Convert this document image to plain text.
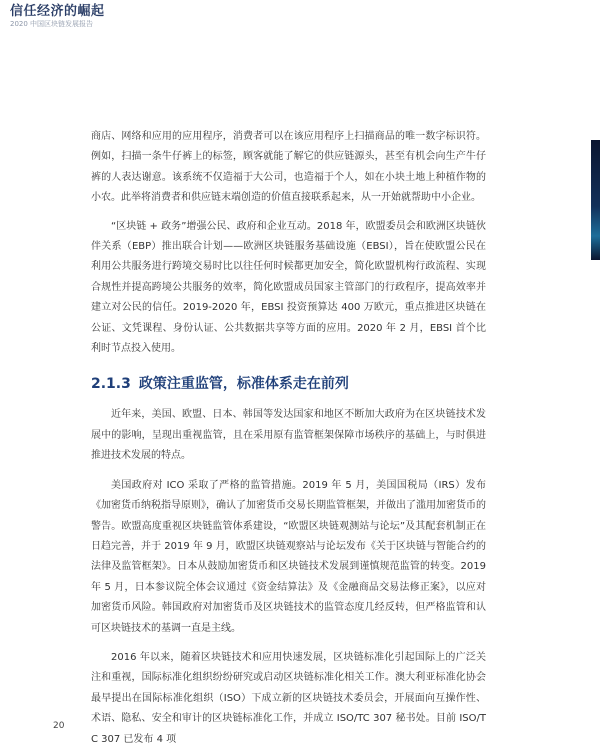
信任经济的崛起
2020 中国区块链发展报告

商店、网络和应用的应用程序，消费者可以在该应用程序上扫描商品的唯一数字标识符。例如，扫描一条牛仔裤上的标签，顾客就能了解它的供应链源头，甚至有机会向生产牛仔裤的人表达谢意。该系统不仅造福于大公司，也造福于个人，如在小块土地上种植作物的小农。此举将消费者和供应链末端创造的价值直接联系起来，从一开始就帮助中小企业。

“区块链 + 政务”增强公民、政府和企业互动。2018 年，欧盟委员会和欧洲区块链伙伴关系（EBP）推出联合计划——欧洲区块链服务基础设施（EBSI），旨在使欧盟公民在利用公共服务进行跨境交易时比以往任何时候都更加安全，简化欧盟机构行政流程、实现合规性并提高跨境公共服务的效率，简化欧盟成员国家主管部门的行政程序，提高效率并建立对公民的信任。2019-2020 年，EBSI 投资预算达 400 万欧元，重点推进区块链在公证、文凭课程、身份认证、公共数据共享等方面的应用。2020 年 2 月，EBSI 首个比利时节点投入使用。

2.1.3 政策注重监管，标准体系走在前列

近年来，美国、欧盟、日本、韩国等发达国家和地区不断加大政府为在区块链技术发展中的影响，呈现出重视监管，且在采用原有监管框架保障市场秩序的基础上，与时俱进推进技术发展的特点。

美国政府对 ICO 采取了严格的监管措施。2019 年 5 月，美国国税局（IRS）发布《加密货币纳税指导原则》，确认了加密货币交易长期监管框架，并做出了滥用加密货币的警告。欧盟高度重视区块链监管体系建设，“欧盟区块链观测站与论坛”及其配套机制正在日趋完善，并于 2019 年 9 月，欧盟区块链观察站与论坛发布《关于区块链与智能合约的法律及监管框架》。日本从鼓励加密货币和区块链技术发展到谨慎规范监管的转变。2019 年 5 月，日本参议院全体会议通过《资金结算法》及《金融商品交易法修正案》，以应对加密货币风险。韩国政府对加密货币及区块链技术的监管态度几经反转，但严格监管和认可区块链技术的基调一直是主线。

2016 年以来，随着区块链技术和应用快速发展，区块链标准化引起国际上的广泛关注和重视，国际标准化组织纷纷研究或启动区块链标准化相关工作。澳大利亚标准化协会最早提出在国际标准化组织（ISO）下成立新的区块链技术委员会，开展面向互操作性、术语、隐私、安全和审计的区块链标准化工作，并成立 ISO/TC 307 秘书处。目前 ISO/TC 307 已发布 4 项

20
